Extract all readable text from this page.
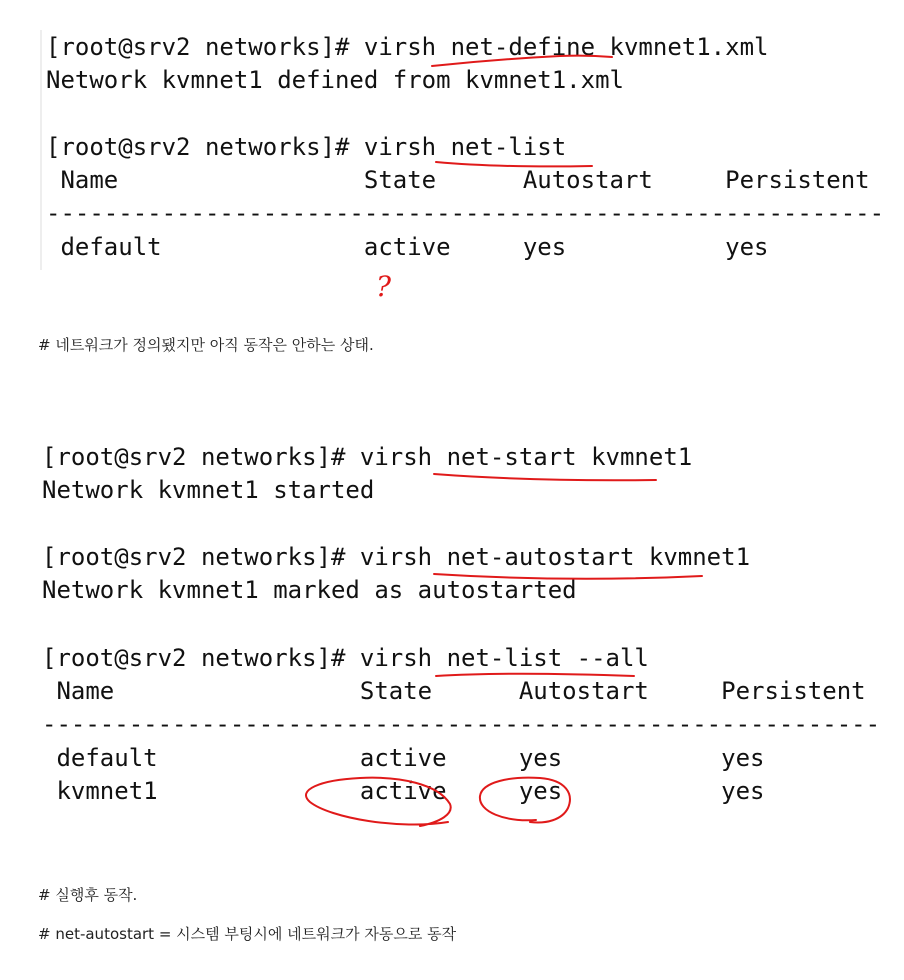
[root@srv2 networks]# virsh net-define kvmnet1.xml
Network kvmnet1 defined from kvmnet1.xml
[root@srv2 networks]# virsh net-list
Name                 State      Autostart     Persistent
----------------------------------------------------------
default              active     yes           yes
?
# 네트워크가 정의됐지만 아직 동작은 안하는 상태.
[root@srv2 networks]# virsh net-start kvmnet1
Network kvmnet1 started
[root@srv2 networks]# virsh net-autostart kvmnet1
Network kvmnet1 marked as autostarted
[root@srv2 networks]# virsh net-list --all
Name                 State      Autostart     Persistent
----------------------------------------------------------
default              active     yes           yes
kvmnet1              active     yes           yes
# 실행후 동작.
# net-autostart = 시스템 부팅시에 네트워크가 자동으로 동작
